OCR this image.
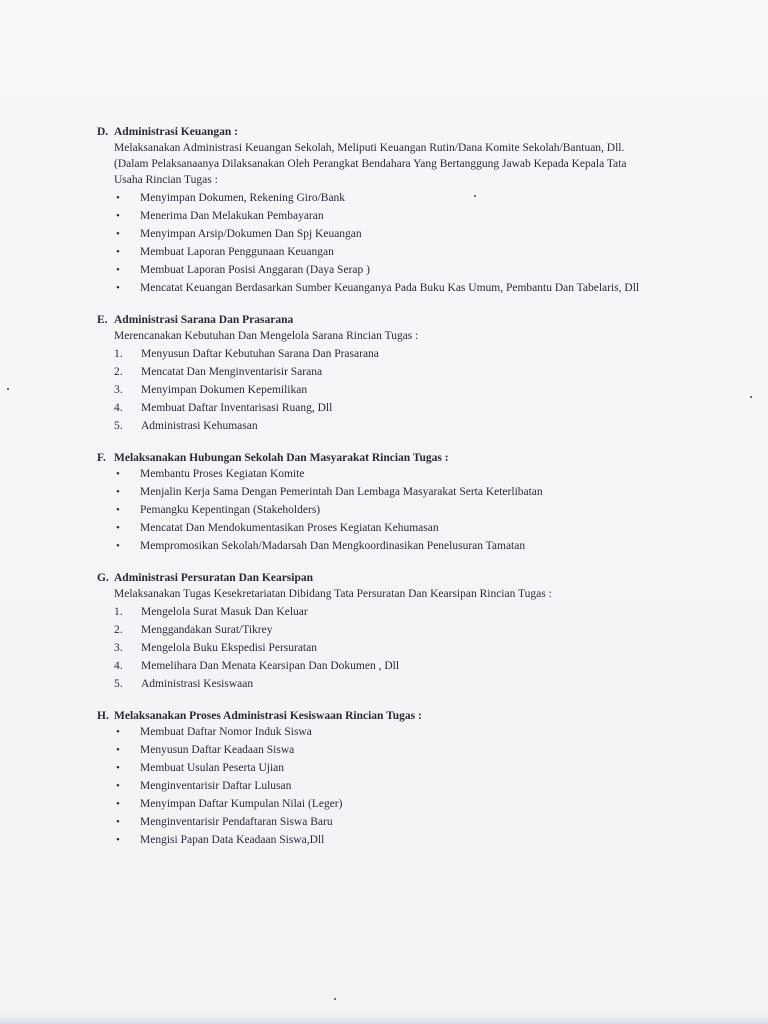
D. Administrasi Keuangan :
Melaksanakan Administrasi Keuangan Sekolah, Meliputi Keuangan Rutin/Dana Komite Sekolah/Bantuan, Dll. (Dalam Pelaksanaanya Dilaksanakan Oleh Perangkat Bendahara Yang Bertanggung Jawab Kepada Kepala Tata Usaha Rincian Tugas :
• Menyimpan Dokumen, Rekening Giro/Bank
• Menerima Dan Melakukan Pembayaran
• Menyimpan Arsip/Dokumen Dan Spj Keuangan
• Membuat Laporan Penggunaan Keuangan
• Membuat Laporan Posisi Anggaran (Daya Serap )
• Mencatat Keuangan Berdasarkan Sumber Keuanganya Pada Buku Kas Umum, Pembantu Dan Tabelaris, Dll
E. Administrasi Sarana Dan Prasarana
Merencanakan Kebutuhan Dan Mengelola Sarana Rincian Tugas :
1.	Menyusun Daftar Kebutuhan Sarana Dan Prasarana
2.	Mencatat Dan Menginventarisir Sarana
3.	Menyimpan Dokumen Kepemilikan
4.	Membuat Daftar Inventarisasi Ruang, Dll
5.	Administrasi Kehumasan
F. Melaksanakan Hubungan Sekolah Dan Masyarakat Rincian Tugas :
• Membantu Proses Kegiatan Komite
• Menjalin Kerja Sama Dengan Pemerintah Dan Lembaga Masyarakat Serta Keterlibatan
• Pemangku Kepentingan (Stakeholders)
• Mencatat Dan Mendokumentasikan Proses Kegiatan Kehumasan
• Mempromosikan Sekolah/Madarsah Dan Mengkoordinasikan Penelusuran Tamatan
G. Administrasi Persuratan Dan Kearsipan
Melaksanakan Tugas Kesekretariatan Dibidang Tata Persuratan Dan Kearsipan Rincian Tugas :
1.	Mengelola Surat Masuk Dan Keluar
2.	Menggandakan Surat/Tikrey
3.	Mengelola Buku Ekspedisi Persuratan
4.	Memelihara Dan Menata Kearsipan Dan Dokumen , Dll
5.	Administrasi Kesiswaan
H. Melaksanakan Proses Administrasi Kesiswaan Rincian Tugas :
• Membuat Daftar Nomor Induk Siswa
• Menyusun Daftar Keadaan Siswa
• Membuat Usulan Peserta Ujian
• Menginventarisir Daftar Lulusan
• Menyimpan Daftar Kumpulan Nilai (Leger)
• Menginventarisir Pendaftaran Siswa Baru
• Mengisi Papan Data Keadaan Siswa,Dll
